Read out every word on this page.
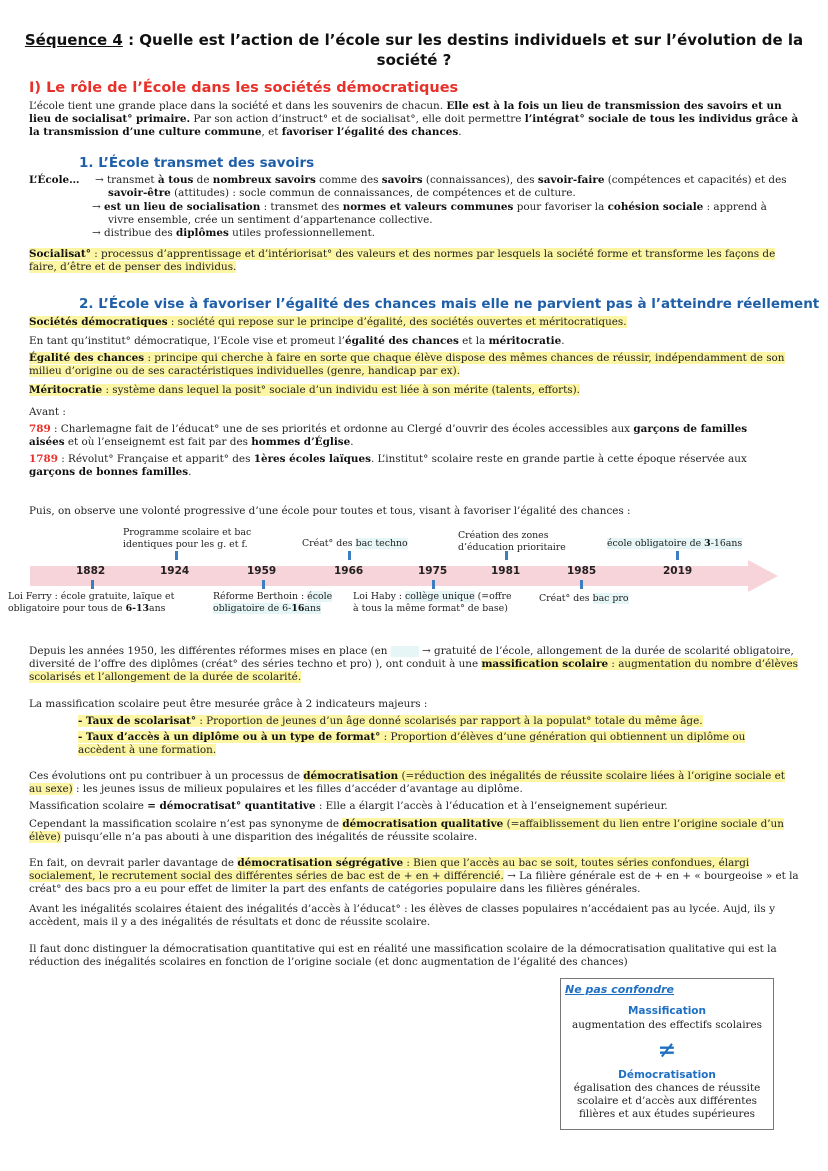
Séquence 4 : Quelle est l’action de l’école sur les destins individuels et sur l’évolution de la société ?
I) Le rôle de l’École dans les sociétés démocratiques
L’école tient une grande place dans la société et dans les souvenirs de chacun. Elle est à la fois un lieu de transmission des savoirs et un lieu de socialisat° primaire. Par son action d’instruct° et de socialisat°, elle doit permettre l’intégrat° sociale de tous les individus grâce à la transmission d’une culture commune, et favoriser l’égalité des chances.
1. L’École transmet des savoirs
L’École… → transmet à tous de nombreux savoirs comme des savoirs (connaissances), des savoir-faire (compétences et capacités) et des
savoir-être (attitudes) : socle commun de connaissances, de compétences et de culture.
→ est un lieu de socialisation : transmet des normes et valeurs communes pour favoriser la cohésion sociale : apprend à
vivre ensemble, crée un sentiment d’appartenance collective.
→ distribue des diplômes utiles professionnellement.
Socialisat° : processus d’apprentissage et d’intériorisat° des valeurs et des normes par lesquels la société forme et transforme les façons de faire, d’être et de penser des individus.
2. L’École vise à favoriser l’égalité des chances mais elle ne parvient pas à l’atteindre réellement
Sociétés démocratiques : société qui repose sur le principe d’égalité, des sociétés ouvertes et méritocratiques.
En tant qu’institut° démocratique, l’Ecole vise et promeut l’égalité des chances et la méritocratie.
Égalité des chances : principe qui cherche à faire en sorte que chaque élève dispose des mêmes chances de réussir, indépendamment de son milieu d’origine ou de ses caractéristiques individuelles (genre, handicap par ex).
Méritocratie : système dans lequel la posit° sociale d’un individu est liée à son mérite (talents, efforts).
Avant :
789 : Charlemagne fait de l’éducat° une de ses priorités et ordonne au Clergé d’ouvrir des écoles accessibles aux garçons de familles aisées et où l’enseignemt est fait par des hommes d’Église.
1789 : Révolut° Française et apparit° des 1ères écoles laïques. L’institut° scolaire reste en grande partie à cette époque réservée aux garçons de bonnes familles.
Puis, on observe une volonté progressive d’une école pour toutes et tous, visant à favoriser l’égalité des chances :
1882	1924	1959	1966	1975	1981	1985	2019
Programme scolaire et bac identiques pour les g. et f.	Créat° des bac techno
Création des zones d’éducation prioritaire	école obligatoire de 3-16ans
Loi Ferry : école gratuite, laïque et obligatoire pour tous de 6-13ans
Réforme Berthoin : école obligatoire de 6-16ans
Loi Haby : collège unique (=offre à tous la même format° de base)
Créat° des bac pro
Depuis les années 1950, les différentes réformes mises en place (en	→ gratuité de l’école, allongement de la durée de scolarité obligatoire, diversité de l’offre des diplômes (créat° des séries techno et pro) ), ont conduit à une massification scolaire : augmentation du nombre d’élèves scolarisés et l’allongement de la durée de scolarité.
La massification scolaire peut être mesurée grâce à 2 indicateurs majeurs :
- Taux de scolarisat° : Proportion de jeunes d’un âge donné scolarisés par rapport à la populat° totale du même âge.
- Taux d’accès à un diplôme ou à un type de format° : Proportion d’élèves d’une génération qui obtiennent un diplôme ou accèdent à une formation.
Ces évolutions ont pu contribuer à un processus de démocratisation (=réduction des inégalités de réussite scolaire liées à l’origine sociale et au sexe) : les jeunes issus de milieux populaires et les filles d’accéder d’avantage au diplôme.
Massification scolaire = démocratisat° quantitative : Elle a élargit l’accès à l’éducation et à l’enseignement supérieur.
Cependant la massification scolaire n’est pas synonyme de démocratisation qualitative (=affaiblissement du lien entre l’origine sociale d’un élève) puisqu’elle n’a pas abouti à une disparition des inégalités de réussite scolaire.
En fait, on devrait parler davantage de démocratisation ségrégative : Bien que l’accès au bac se soit, toutes séries confondues, élargi socialement, le recrutement social des différentes séries de bac est de + en + différencié. → La filière générale est de + en + « bourgeoise » et la créat° des bacs pro a eu pour effet de limiter la part des enfants de catégories populaire dans les filières générales.
Avant les inégalités scolaires étaient des inégalités d’accès à l’éducat° : les élèves de classes populaires n’accédaient pas au lycée. Aujd, ils y accèdent, mais il y a des inégalités de résultats et donc de réussite scolaire.
Il faut donc distinguer la démocratisation quantitative qui est en réalité une massification scolaire de la démocratisation qualitative qui est la réduction des inégalités scolaires en fonction de l’origine sociale (et donc augmentation de l’égalité des chances)
Ne pas confondre
Massification
augmentation des effectifs scolaires
≠
Démocratisation
égalisation des chances de réussite scolaire et d’accès aux différentes filières et aux études supérieures
